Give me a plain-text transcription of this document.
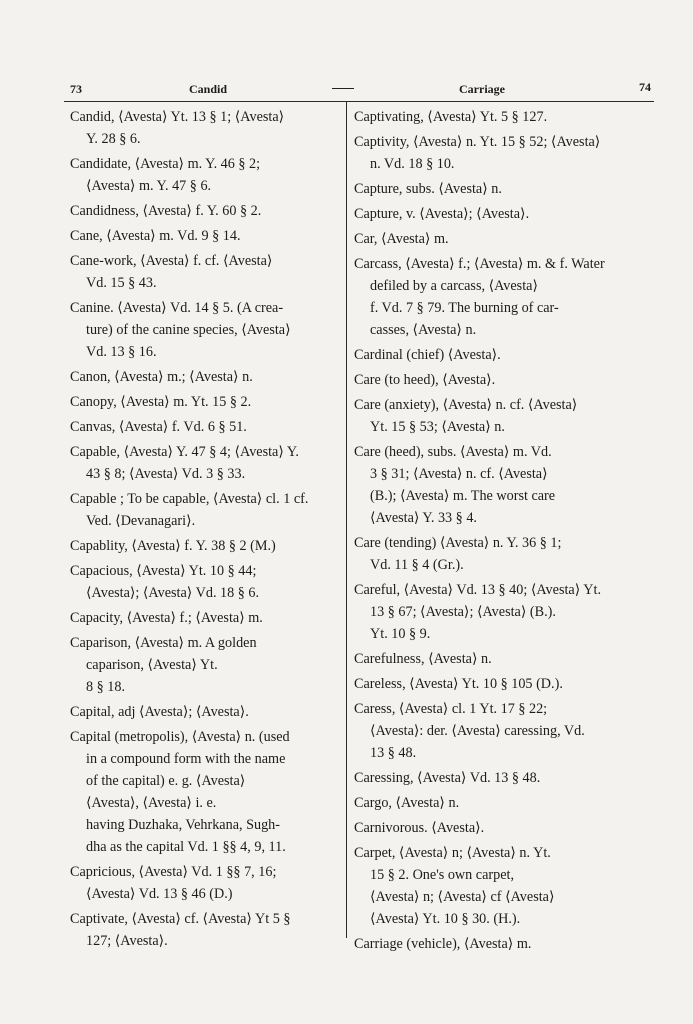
73	Candid	Carriage	74
Candid, ⟨Avesta⟩ Yt. 13 § 1; ⟨Avesta⟩
Y. 28 § 6.
Candidate, ⟨Avesta⟩ m. Y. 46 § 2;
⟨Avesta⟩ m. Y. 47 § 6.
Candidness, ⟨Avesta⟩ f. Y. 60 § 2.
Cane, ⟨Avesta⟩ m. Vd. 9 § 14.
Cane-work, ⟨Avesta⟩ f. cf. ⟨Avesta⟩
Vd. 15 § 43.
Canine. ⟨Avesta⟩ Vd. 14 § 5. (A crea-
ture) of the canine species, ⟨Avesta⟩
Vd. 13 § 16.
Canon, ⟨Avesta⟩ m.; ⟨Avesta⟩ n.
Canopy, ⟨Avesta⟩ m. Yt. 15 § 2.
Canvas, ⟨Avesta⟩ f. Vd. 6 § 51.
Capable, ⟨Avesta⟩ Y. 47 § 4; ⟨Avesta⟩ Y.
43 § 8; ⟨Avesta⟩ Vd. 3 § 33.
Capable ; To be capable, ⟨Avesta⟩ cl. 1 cf.
Ved. ⟨Devanagari⟩.
Capablity, ⟨Avesta⟩ f. Y. 38 § 2 (M.)
Capacious, ⟨Avesta⟩ Yt. 10 § 44;
⟨Avesta⟩; ⟨Avesta⟩ Vd. 18 § 6.
Capacity, ⟨Avesta⟩ f.; ⟨Avesta⟩ m.
Caparison, ⟨Avesta⟩ m. A golden
caparison, ⟨Avesta⟩ Yt.
8 § 18.
Capital, adj ⟨Avesta⟩; ⟨Avesta⟩.
Capital (metropolis), ⟨Avesta⟩ n. (used
in a compound form with the name
of the capital) e. g. ⟨Avesta⟩
⟨Avesta⟩, ⟨Avesta⟩ i. e.
having Duzhaka, Vehrkana, Sugh-
dha as the capital Vd. 1 §§ 4, 9, 11.
Capricious, ⟨Avesta⟩ Vd. 1 §§ 7, 16;
⟨Avesta⟩ Vd. 13 § 46 (D.)
Captivate, ⟨Avesta⟩ cf. ⟨Avesta⟩ Yt 5 §
127; ⟨Avesta⟩.
Captivating, ⟨Avesta⟩ Yt. 5 § 127.
Captivity, ⟨Avesta⟩ n. Yt. 15 § 52; ⟨Avesta⟩
n. Vd. 18 § 10.
Capture, subs. ⟨Avesta⟩ n.
Capture, v. ⟨Avesta⟩; ⟨Avesta⟩.
Car, ⟨Avesta⟩ m.
Carcass, ⟨Avesta⟩ f.; ⟨Avesta⟩ m. & f. Water
defiled by a carcass, ⟨Avesta⟩
f. Vd. 7 § 79. The burning of car-
casses, ⟨Avesta⟩ n.
Cardinal (chief) ⟨Avesta⟩.
Care (to heed), ⟨Avesta⟩.
Care (anxiety), ⟨Avesta⟩ n. cf. ⟨Avesta⟩
Yt. 15 § 53; ⟨Avesta⟩ n.
Care (heed), subs. ⟨Avesta⟩ m. Vd.
3 § 31; ⟨Avesta⟩ n. cf. ⟨Avesta⟩
(B.); ⟨Avesta⟩ m. The worst care
⟨Avesta⟩ Y. 33 § 4.
Care (tending) ⟨Avesta⟩ n. Y. 36 § 1;
Vd. 11 § 4 (Gr.).
Careful, ⟨Avesta⟩ Vd. 13 § 40; ⟨Avesta⟩ Yt.
13 § 67; ⟨Avesta⟩; ⟨Avesta⟩ (B.).
Yt. 10 § 9.
Carefulness, ⟨Avesta⟩ n.
Careless, ⟨Avesta⟩ Yt. 10 § 105 (D.).
Caress, ⟨Avesta⟩ cl. 1 Yt. 17 § 22;
⟨Avesta⟩: der. ⟨Avesta⟩ caressing, Vd.
13 § 48.
Caressing, ⟨Avesta⟩ Vd. 13 § 48.
Cargo, ⟨Avesta⟩ n.
Carnivorous. ⟨Avesta⟩.
Carpet, ⟨Avesta⟩ n; ⟨Avesta⟩ n. Yt.
15 § 2. One's own carpet,
⟨Avesta⟩ n; ⟨Avesta⟩ cf ⟨Avesta⟩
⟨Avesta⟩ Yt. 10 § 30. (H.).
Carriage (vehicle), ⟨Avesta⟩ m.
